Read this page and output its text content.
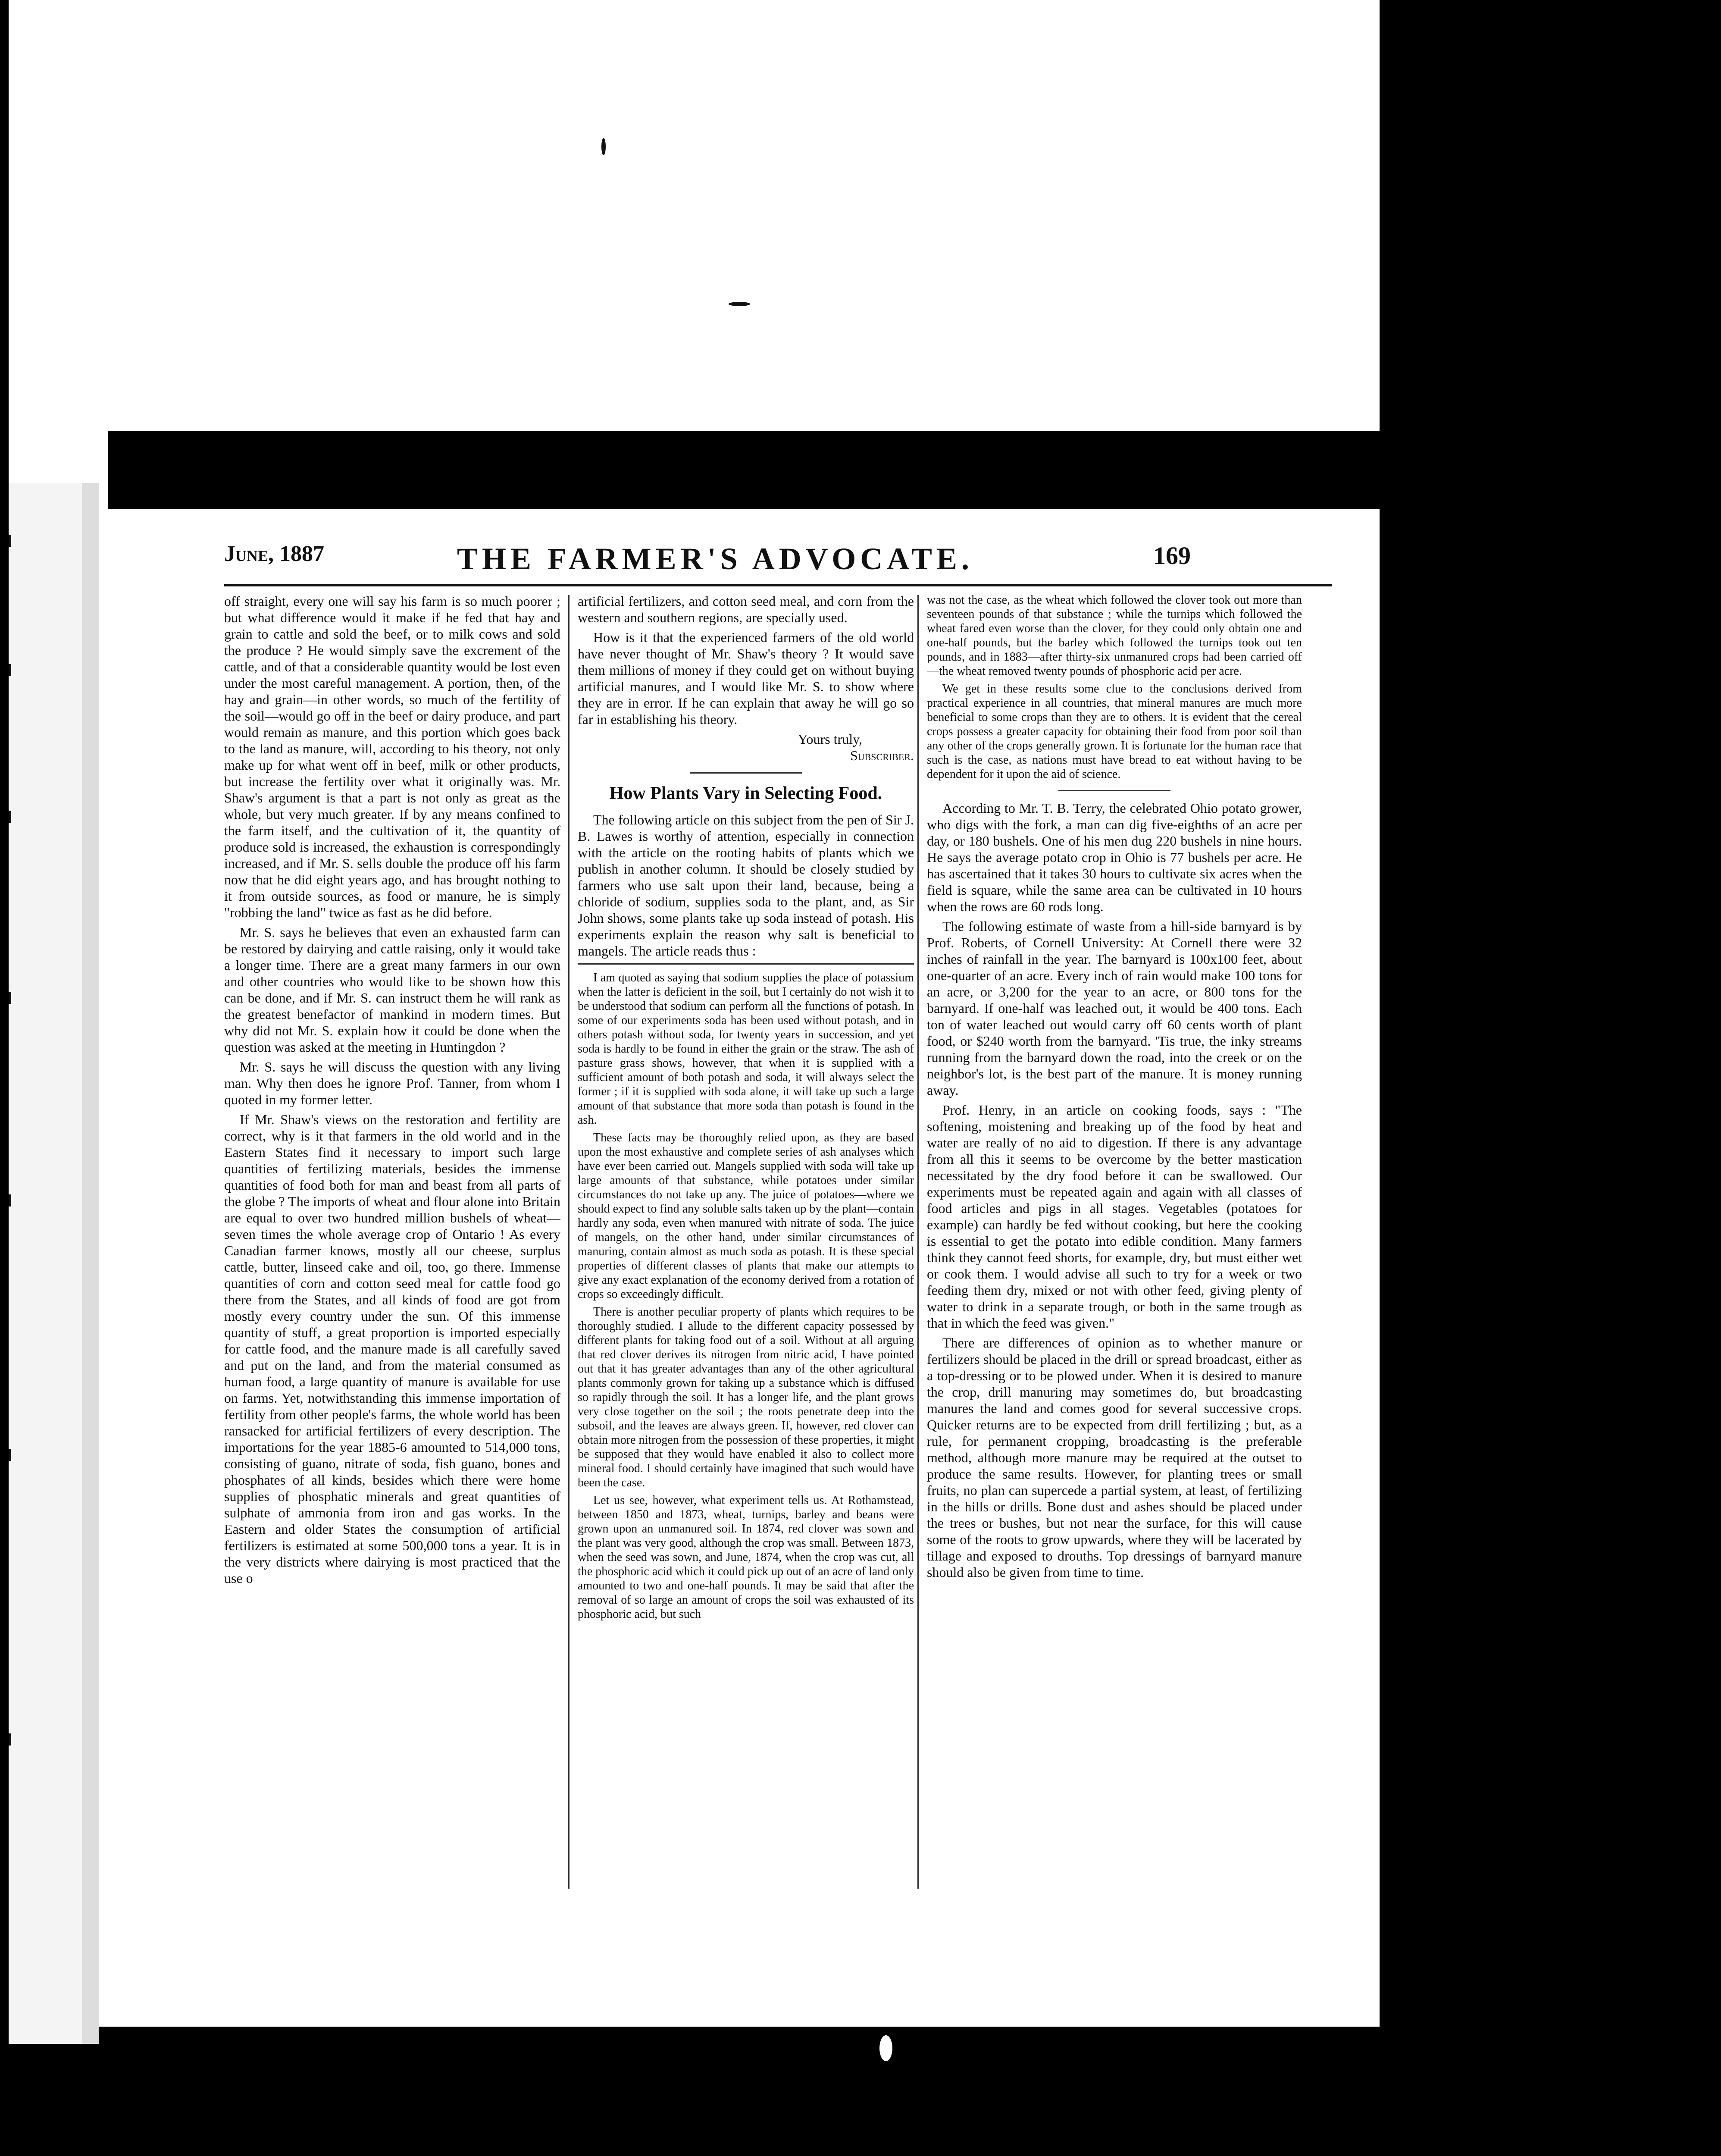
June, 1887	THE FARMER'S ADVOCATE.	169

off straight, every one will say his farm is so much poorer ; but what difference would it make if he fed that hay and grain to cattle and sold the beef, or to milk cows and sold the produce ? He would simply save the excrement of the cattle, and of that a considerable quantity would be lost even under the most careful management. A portion, then, of the hay and grain—in other words, so much of the fertility of the soil—would go off in the beef or dairy produce, and part would remain as manure, and this portion which goes back to the land as manure, will, according to his theory, not only make up for what went off in beef, milk or other products, but increase the fertility over what it originally was. Mr. Shaw's argument is that a part is not only as great as the whole, but very much greater. If by any means confined to the farm itself, and the cultivation of it, the quantity of produce sold is increased, the exhaustion is correspondingly increased, and if Mr. S. sells double the produce off his farm now that he did eight years ago, and has brought nothing to it from outside sources, as food or manure, he is simply "robbing the land" twice as fast as he did before.

Mr. S. says he believes that even an exhausted farm can be restored by dairying and cattle raising, only it would take a longer time. There are a great many farmers in our own and other countries who would like to be shown how this can be done, and if Mr. S. can instruct them he will rank as the greatest benefactor of mankind in modern times. But why did not Mr. S. explain how it could be done when the question was asked at the meeting in Huntingdon ?

Mr. S. says he will discuss the question with any living man. Why then does he ignore Prof. Tanner, from whom I quoted in my former letter.

If Mr. Shaw's views on the restoration and fertility are correct, why is it that farmers in the old world and in the Eastern States find it necessary to import such large quantities of fertilizing materials, besides the immense quantities of food both for man and beast from all parts of the globe ? The imports of wheat and flour alone into Britain are equal to over two hundred million bushels of wheat—seven times the whole average crop of Ontario ! As every Canadian farmer knows, mostly all our cheese, surplus cattle, butter, linseed cake and oil, too, go there. Immense quantities of corn and cotton seed meal for cattle food go there from the States, and all kinds of food are got from mostly every country under the sun. Of this immense quantity of stuff, a great proportion is imported especially for cattle food, and the manure made is all carefully saved and put on the land, and from the material consumed as human food, a large quantity of manure is available for use on farms. Yet, notwithstanding this immense importation of fertility from other people's farms, the whole world has been ransacked for artificial fertilizers of every description. The importations for the year 1885-6 amounted to 514,000 tons, consisting of guano, nitrate of soda, fish guano, bones and phosphates of all kinds, besides which there were home supplies of phosphatic minerals and great quantities of sulphate of ammonia from iron and gas works. In the Eastern and older States the consumption of artificial fertilizers is estimated at some 500,000 tons a year. It is in the very districts where dairying is most practiced that the use o

artificial fertilizers, and cotton seed meal, and corn from the western and southern regions, are specially used.

How is it that the experienced farmers of the old world have never thought of Mr. Shaw's theory ? It would save them millions of money if they could get on without buying artificial manures, and I would like Mr. S. to show where they are in error. If he can explain that away he will go so far in establishing his theory.

Yours truly,

Subscriber.

How Plants Vary in Selecting Food.

The following article on this subject from the pen of Sir J. B. Lawes is worthy of attention, especially in connection with the article on the rooting habits of plants which we publish in another column. It should be closely studied by farmers who use salt upon their land, because, being a chloride of sodium, supplies soda to the plant, and, as Sir John shows, some plants take up soda instead of potash. His experiments explain the reason why salt is beneficial to mangels. The article reads thus :

I am quoted as saying that sodium supplies the place of potassium when the latter is deficient in the soil, but I certainly do not wish it to be understood that sodium can perform all the functions of potash. In some of our experiments soda has been used without potash, and in others potash without soda, for twenty years in succession, and yet soda is hardly to be found in either the grain or the straw. The ash of pasture grass shows, however, that when it is supplied with a sufficient amount of both potash and soda, it will always select the former ; if it is supplied with soda alone, it will take up such a large amount of that substance that more soda than potash is found in the ash.

These facts may be thoroughly relied upon, as they are based upon the most exhaustive and complete series of ash analyses which have ever been carried out. Mangels supplied with soda will take up large amounts of that substance, while potatoes under similar circumstances do not take up any. The juice of potatoes—where we should expect to find any soluble salts taken up by the plant—contain hardly any soda, even when manured with nitrate of soda. The juice of mangels, on the other hand, under similar circumstances of manuring, contain almost as much soda as potash. It is these special properties of different classes of plants that make our attempts to give any exact explanation of the economy derived from a rotation of crops so exceedingly difficult.

There is another peculiar property of plants which requires to be thoroughly studied. I allude to the different capacity possessed by different plants for taking food out of a soil. Without at all arguing that red clover derives its nitrogen from nitric acid, I have pointed out that it has greater advantages than any of the other agricultural plants commonly grown for taking up a substance which is diffused so rapidly through the soil. It has a longer life, and the plant grows very close together on the soil ; the roots penetrate deep into the subsoil, and the leaves are always green. If, however, red clover can obtain more nitrogen from the possession of these properties, it might be supposed that they would have enabled it also to collect more mineral food. I should certainly have imagined that such would have been the case.

Let us see, however, what experiment tells us. At Rothamstead, between 1850 and 1873, wheat, turnips, barley and beans were grown upon an unmanured soil. In 1874, red clover was sown and the plant was very good, although the crop was small. Between 1873, when the seed was sown, and June, 1874, when the crop was cut, all the phosphoric acid which it could pick up out of an acre of land only amounted to two and one-half pounds. It may be said that after the removal of so large an amount of crops the soil was exhausted of its phosphoric acid, but such

was not the case, as the wheat which followed the clover took out more than seventeen pounds of that substance ; while the turnips which followed the wheat fared even worse than the clover, for they could only obtain one and one-half pounds, but the barley which followed the turnips took out ten pounds, and in 1883—after thirty-six unmanured crops had been carried off—the wheat removed twenty pounds of phosphoric acid per acre.

We get in these results some clue to the conclusions derived from practical experience in all countries, that mineral manures are much more beneficial to some crops than they are to others. It is evident that the cereal crops possess a greater capacity for obtaining their food from poor soil than any other of the crops generally grown. It is fortunate for the human race that such is the case, as nations must have bread to eat without having to be dependent for it upon the aid of science.

According to Mr. T. B. Terry, the celebrated Ohio potato grower, who digs with the fork, a man can dig five-eighths of an acre per day, or 180 bushels. One of his men dug 220 bushels in nine hours. He says the average potato crop in Ohio is 77 bushels per acre. He has ascertained that it takes 30 hours to cultivate six acres when the field is square, while the same area can be cultivated in 10 hours when the rows are 60 rods long.

The following estimate of waste from a hill-side barnyard is by Prof. Roberts, of Cornell University: At Cornell there were 32 inches of rainfall in the year. The barnyard is 100x100 feet, about one-quarter of an acre. Every inch of rain would make 100 tons for an acre, or 3,200 for the year to an acre, or 800 tons for the barnyard. If one-half was leached out, it would be 400 tons. Each ton of water leached out would carry off 60 cents worth of plant food, or $240 worth from the barnyard. 'Tis true, the inky streams running from the barnyard down the road, into the creek or on the neighbor's lot, is the best part of the manure. It is money running away.

Prof. Henry, in an article on cooking foods, says : "The softening, moistening and breaking up of the food by heat and water are really of no aid to digestion. If there is any advantage from all this it seems to be overcome by the better mastication necessitated by the dry food before it can be swallowed. Our experiments must be repeated again and again with all classes of food articles and pigs in all stages. Vegetables (potatoes for example) can hardly be fed without cooking, but here the cooking is essential to get the potato into edible condition. Many farmers think they cannot feed shorts, for example, dry, but must either wet or cook them. I would advise all such to try for a week or two feeding them dry, mixed or not with other feed, giving plenty of water to drink in a separate trough, or both in the same trough as that in which the feed was given."

There are differences of opinion as to whether manure or fertilizers should be placed in the drill or spread broadcast, either as a top-dressing or to be plowed under. When it is desired to manure the crop, drill manuring may sometimes do, but broadcasting manures the land and comes good for several successive crops. Quicker returns are to be expected from drill fertilizing ; but, as a rule, for permanent cropping, broadcasting is the preferable method, although more manure may be required at the outset to produce the same results. However, for planting trees or small fruits, no plan can supercede a partial system, at least, of fertilizing in the hills or drills. Bone dust and ashes should be placed under the trees or bushes, but not near the surface, for this will cause some of the roots to grow upwards, where they will be lacerated by tillage and exposed to drouths. Top dressings of barnyard manure should also be given from time to time.
